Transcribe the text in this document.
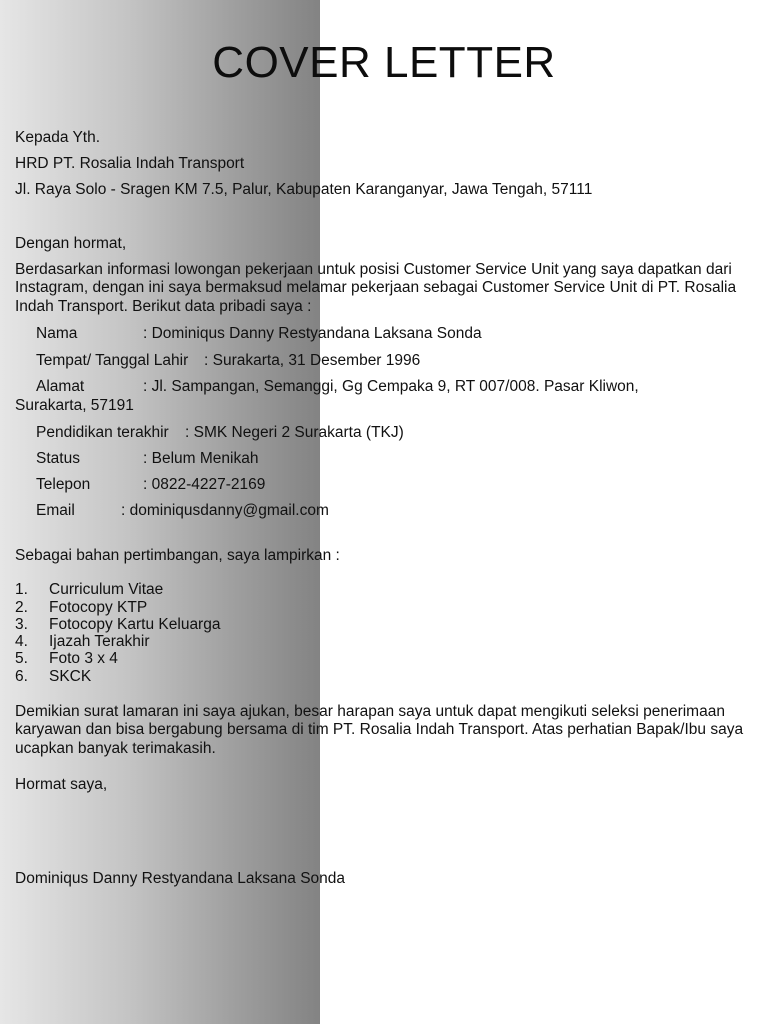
COVER LETTER
Kepada Yth.
HRD PT. Rosalia Indah Transport
Jl. Raya Solo - Sragen KM 7.5, Palur, Kabupaten Karanganyar, Jawa Tengah, 57111
Dengan hormat,
Berdasarkan informasi lowongan pekerjaan untuk posisi Customer Service Unit yang saya dapatkan dari Instagram, dengan ini saya bermaksud melamar pekerjaan sebagai Customer Service Unit di PT. Rosalia Indah Transport. Berikut data pribadi saya :
Nama	: Dominiqus Danny Restyandana Laksana Sonda
Tempat/ Tanggal Lahir : Surakarta, 31 Desember 1996
Alamat	: Jl. Sampangan, Semanggi, Gg Cempaka 9, RT 007/008. Pasar Kliwon,
Surakarta, 57191
Pendidikan terakhir : SMK Negeri 2 Surakarta (TKJ)
Status	: Belum Menikah
Telepon	: 0822-4227-2169
Email	: dominiqusdanny@gmail.com
Sebagai bahan pertimbangan, saya lampirkan :
1. Curriculum Vitae
2. Fotocopy KTP
3. Fotocopy Kartu Keluarga
4. Ijazah Terakhir
5. Foto 3 x 4
6. SKCK
Demikian surat lamaran ini saya ajukan, besar harapan saya untuk dapat mengikuti seleksi penerimaan karyawan dan bisa bergabung bersama di tim PT. Rosalia Indah Transport. Atas perhatian Bapak/Ibu saya ucapkan banyak terimakasih.
Hormat saya,
Dominiqus Danny Restyandana Laksana Sonda
